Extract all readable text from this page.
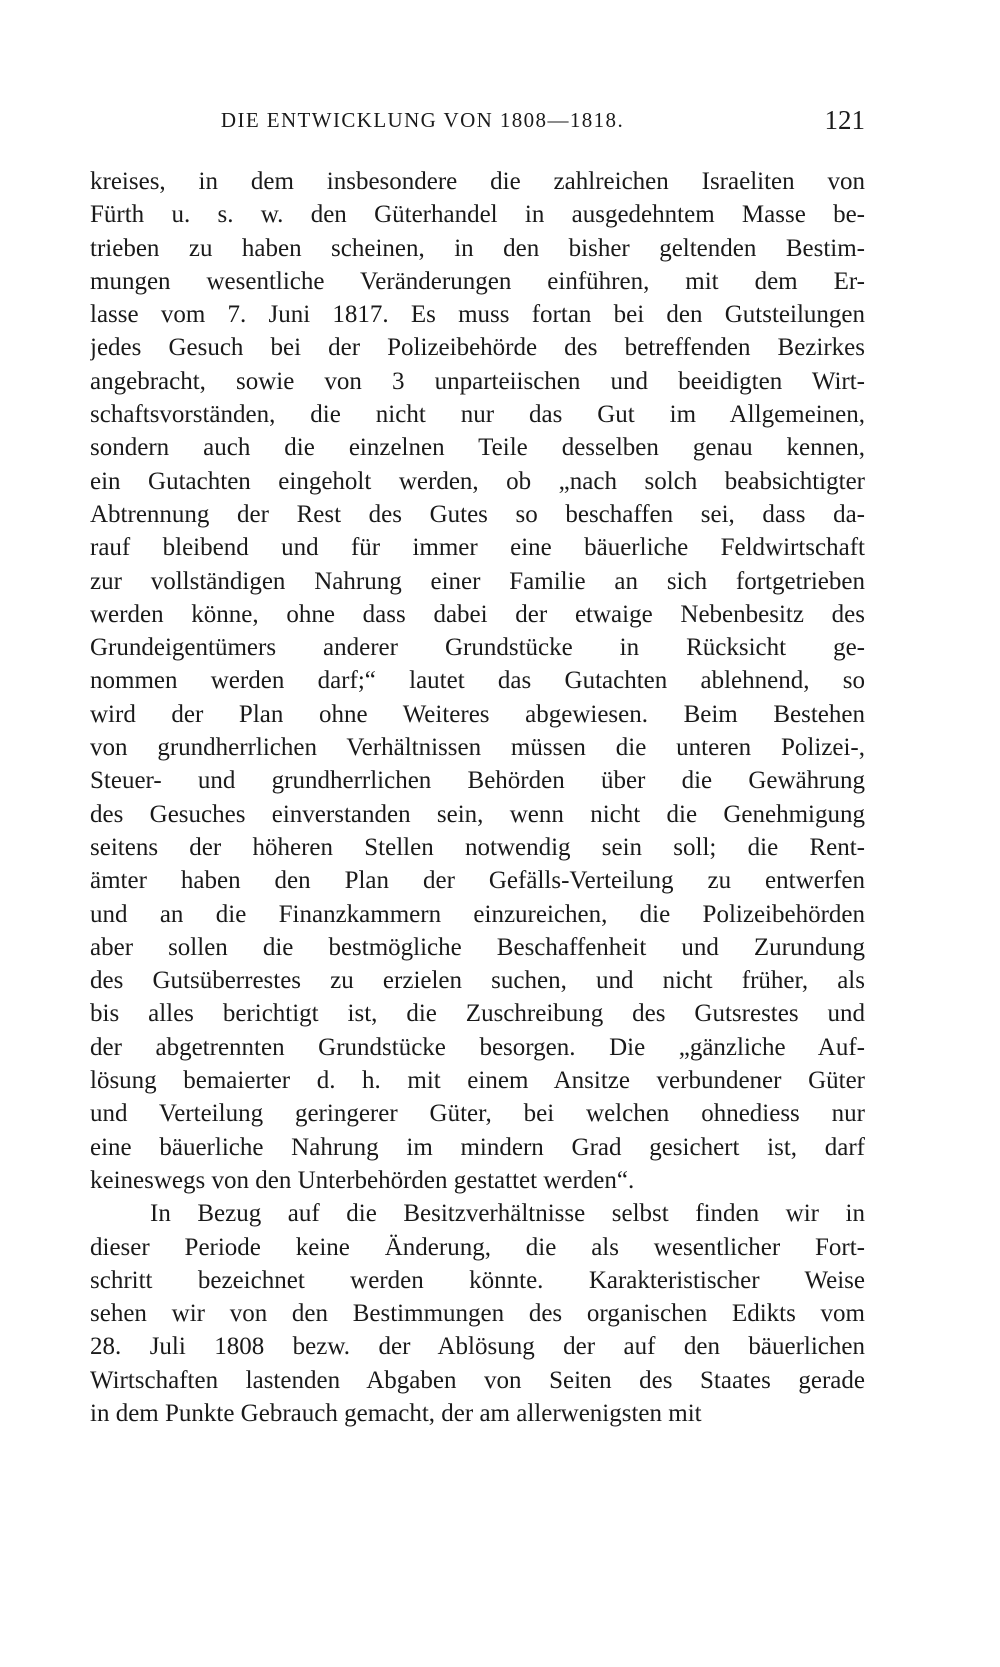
DIE ENTWICKLUNG VON 1808—1818.	121
kreises, in dem insbesondere die zahlreichen Israeliten von
Fürth u. s. w. den Güterhandel in ausgedehntem Masse be-
trieben zu haben scheinen, in den bisher geltenden Bestim-
mungen wesentliche Veränderungen einführen, mit dem Er-
lasse vom 7. Juni 1817. Es muss fortan bei den Gutsteilungen
jedes Gesuch bei der Polizeibehörde des betreffenden Bezirkes
angebracht, sowie von 3 unparteiischen und beeidigten Wirt-
schaftsvorständen, die nicht nur das Gut im Allgemeinen,
sondern auch die einzelnen Teile desselben genau kennen,
ein Gutachten eingeholt werden, ob „nach solch beabsichtigter
Abtrennung der Rest des Gutes so beschaffen sei, dass da-
rauf bleibend und für immer eine bäuerliche Feldwirtschaft
zur vollständigen Nahrung einer Familie an sich fortgetrieben
werden könne, ohne dass dabei der etwaige Nebenbesitz des
Grundeigentümers anderer Grundstücke in Rücksicht ge-
nommen werden darf;“ lautet das Gutachten ablehnend, so
wird der Plan ohne Weiteres abgewiesen. Beim Bestehen
von grundherrlichen Verhältnissen müssen die unteren Polizei-,
Steuer- und grundherrlichen Behörden über die Gewährung
des Gesuches einverstanden sein, wenn nicht die Genehmigung
seitens der höheren Stellen notwendig sein soll; die Rent-
ämter haben den Plan der Gefälls-Verteilung zu entwerfen
und an die Finanzkammern einzureichen, die Polizeibehörden
aber sollen die bestmögliche Beschaffenheit und Zurundung
des Gutsüberrestes zu erzielen suchen, und nicht früher, als
bis alles berichtigt ist, die Zuschreibung des Gutsrestes und
der abgetrennten Grundstücke besorgen. Die „gänzliche Auf-
lösung bemaierter d. h. mit einem Ansitze verbundener Güter
und Verteilung geringerer Güter, bei welchen ohnediess nur
eine bäuerliche Nahrung im mindern Grad gesichert ist, darf
keineswegs von den Unterbehörden gestattet werden“.
In Bezug auf die Besitzverhältnisse selbst finden wir in
dieser Periode keine Änderung, die als wesentlicher Fort-
schritt bezeichnet werden könnte. Karakteristischer Weise
sehen wir von den Bestimmungen des organischen Edikts vom
28. Juli 1808 bezw. der Ablösung der auf den bäuerlichen
Wirtschaften lastenden Abgaben von Seiten des Staates gerade
in dem Punkte Gebrauch gemacht, der am allerwenigsten mit
